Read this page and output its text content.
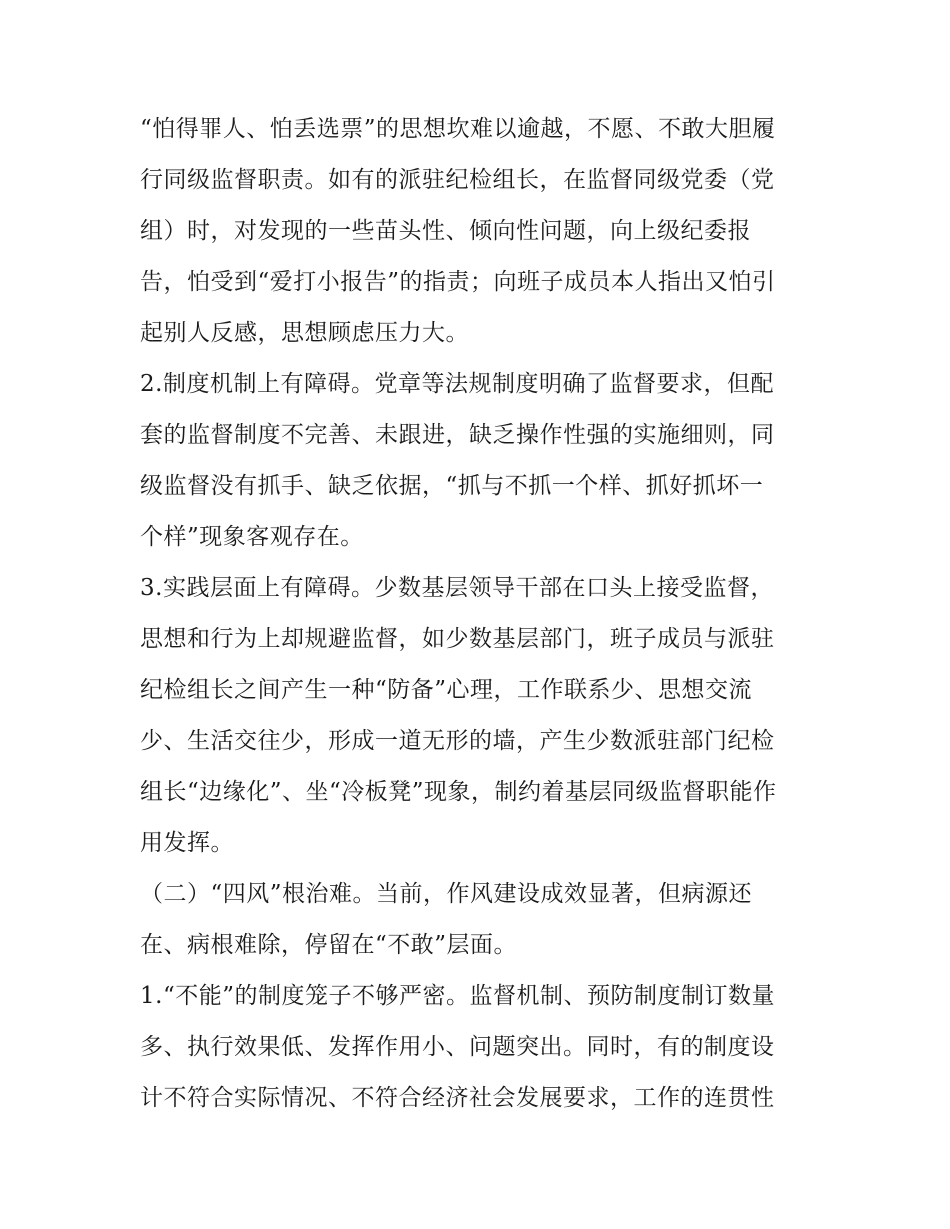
“怕得罪人、怕丢选票”的思想坎难以逾越，不愿、不敢大胆履
行同级监督职责。如有的派驻纪检组长，在监督同级党委（党
组）时，对发现的一些苗头性、倾向性问题，向上级纪委报
告，怕受到“爱打小报告”的指责；向班子成员本人指出又怕引
起别人反感，思想顾虑压力大。
2.制度机制上有障碍。党章等法规制度明确了监督要求，但配
套的监督制度不完善、未跟进，缺乏操作性强的实施细则，同
级监督没有抓手、缺乏依据，“抓与不抓一个样、抓好抓坏一
个样”现象客观存在。
3.实践层面上有障碍。少数基层领导干部在口头上接受监督，
思想和行为上却规避监督，如少数基层部门，班子成员与派驻
纪检组长之间产生一种“防备”心理，工作联系少、思想交流
少、生活交往少，形成一道无形的墙，产生少数派驻部门纪检
组长“边缘化”、坐“冷板凳”现象，制约着基层同级监督职能作
用发挥。
（二）“四风”根治难。当前，作风建设成效显著，但病源还
在、病根难除，停留在“不敢”层面。
1.“不能”的制度笼子不够严密。监督机制、预防制度制订数量
多、执行效果低、发挥作用小、问题突出。同时，有的制度设
计不符合实际情况、不符合经济社会发展要求，工作的连贯性
